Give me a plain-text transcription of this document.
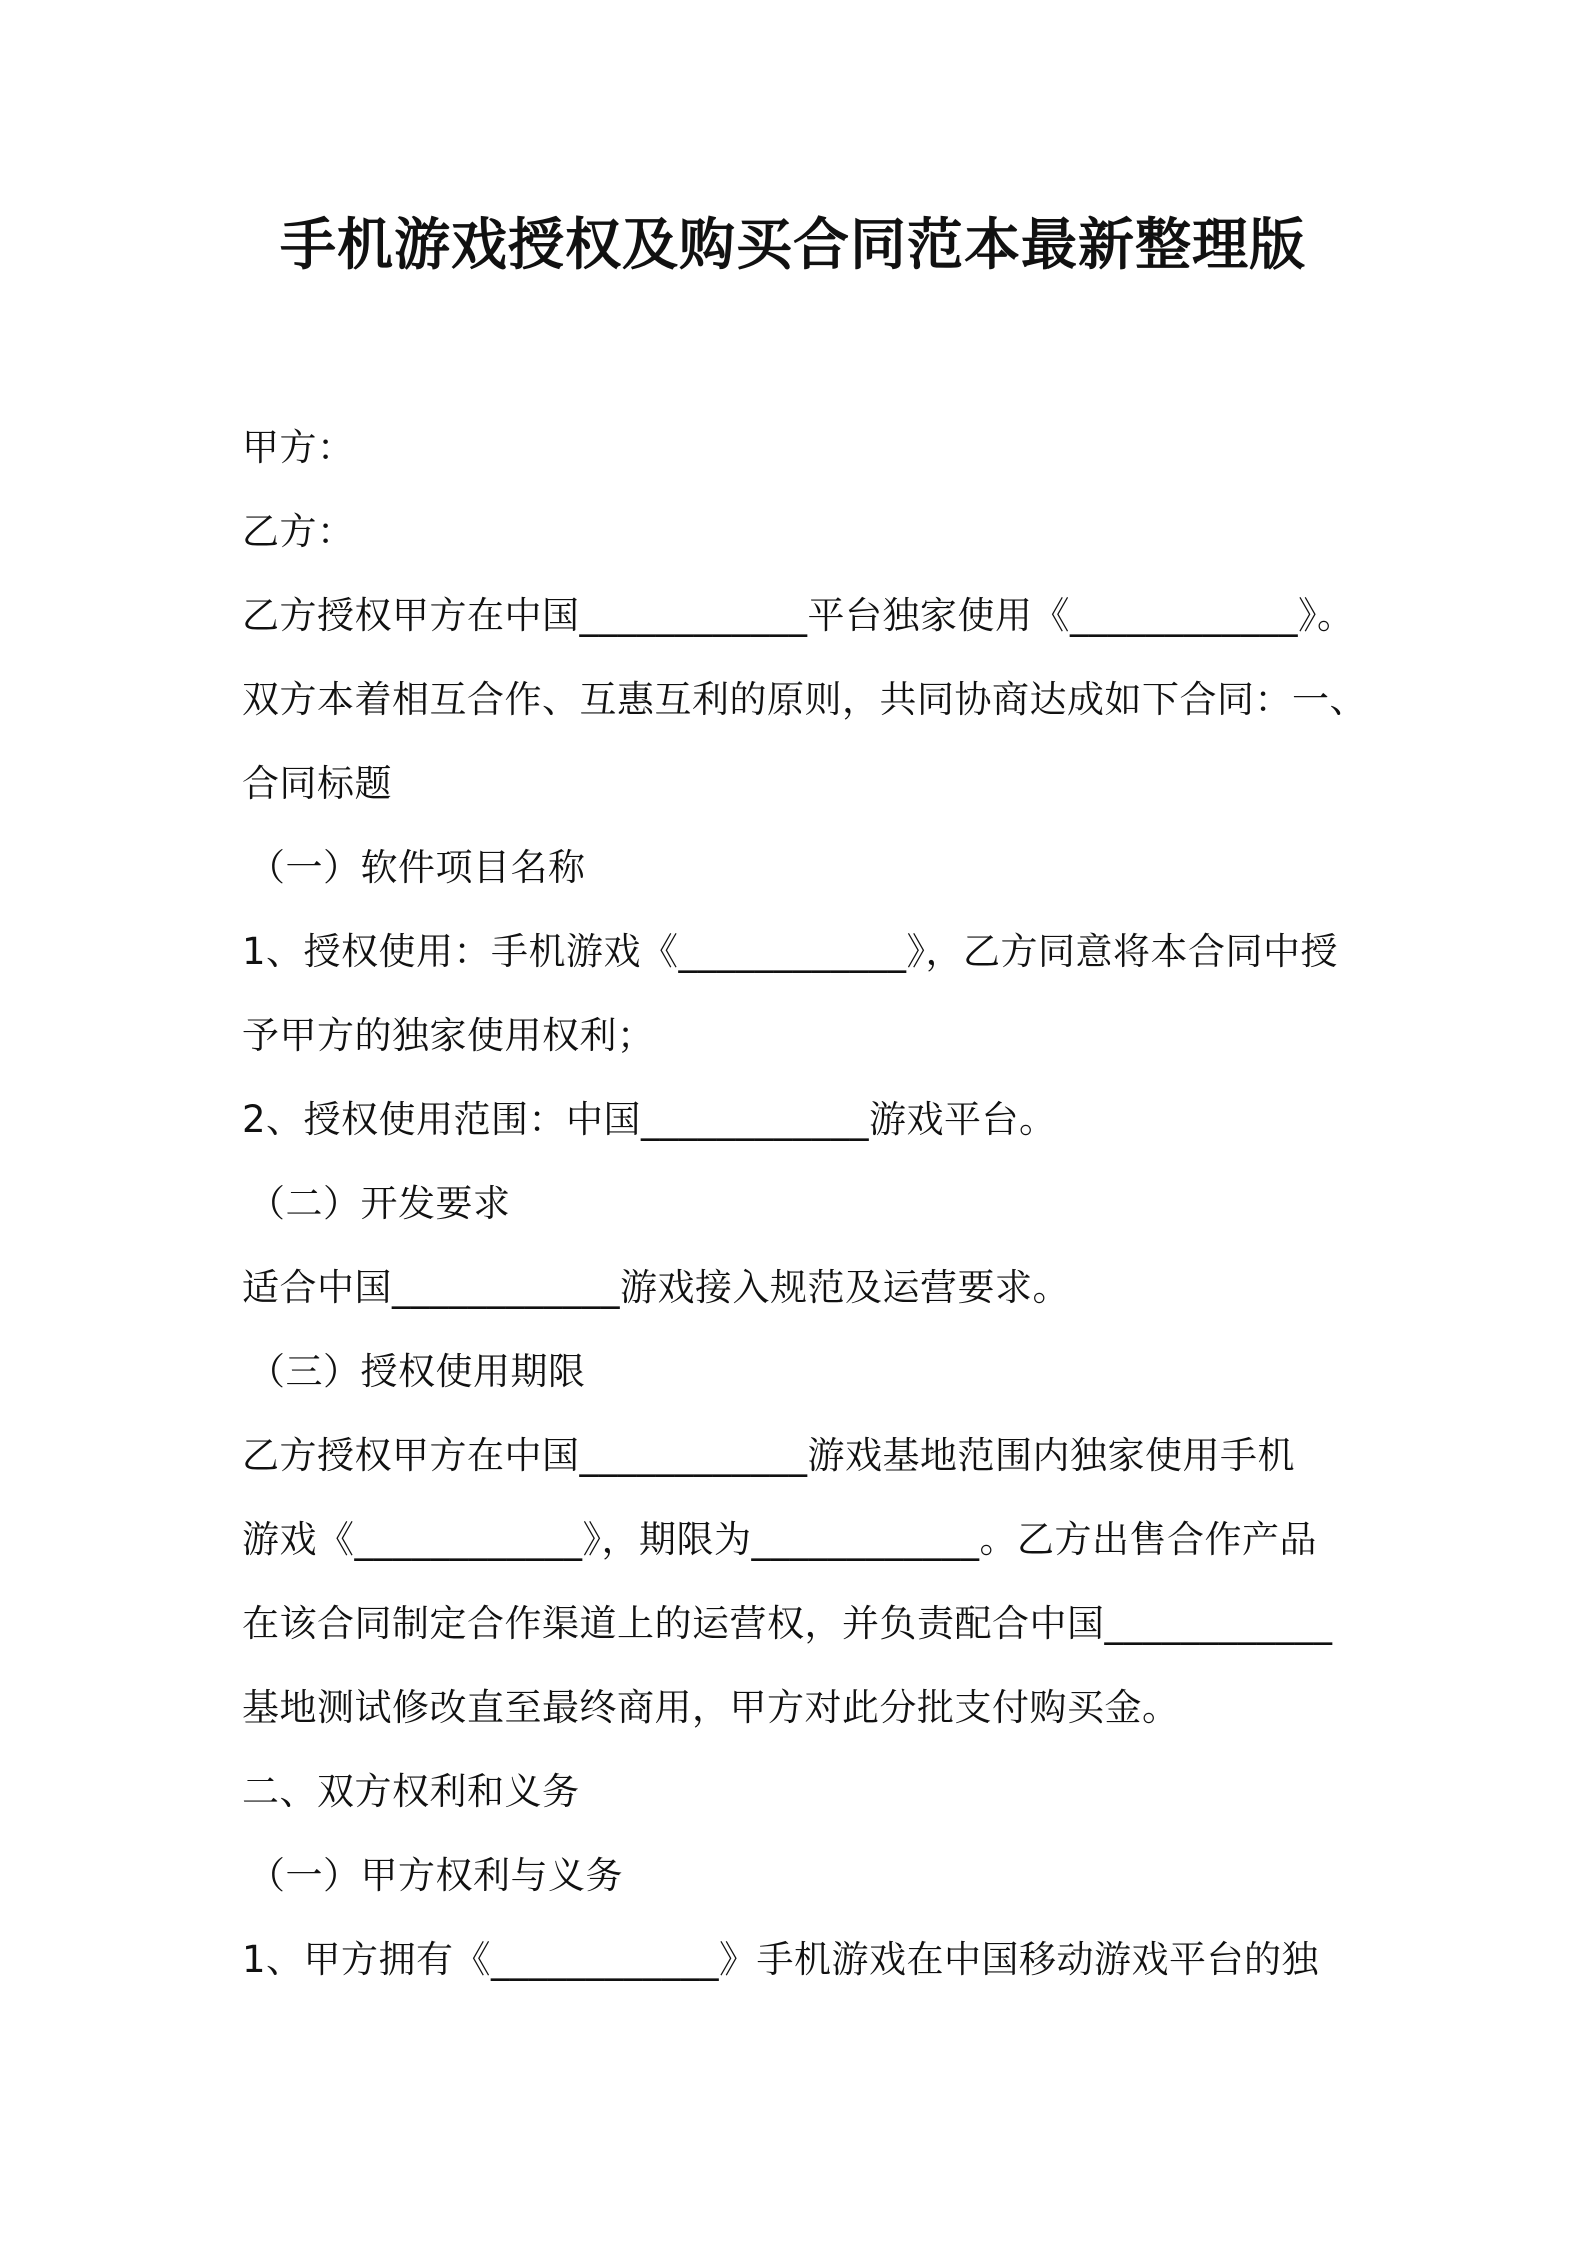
手机游戏授权及购买合同范本最新整理版
甲方：
乙方：
乙方授权甲方在中国____________平台独家使用《____________》。
双方本着相互合作、互惠互利的原则，共同协商达成如下合同：一、
合同标题
（一）软件项目名称
1、授权使用：手机游戏《____________》，乙方同意将本合同中授
予甲方的独家使用权利；
2、授权使用范围：中国____________游戏平台。
（二）开发要求
适合中国____________游戏接入规范及运营要求。
（三）授权使用期限
乙方授权甲方在中国____________游戏基地范围内独家使用手机
游戏《____________》，期限为____________。乙方出售合作产品
在该合同制定合作渠道上的运营权，并负责配合中国____________
基地测试修改直至最终商用，甲方对此分批支付购买金。
二、双方权利和义务
（一）甲方权利与义务
1、甲方拥有《____________》手机游戏在中国移动游戏平台的独
